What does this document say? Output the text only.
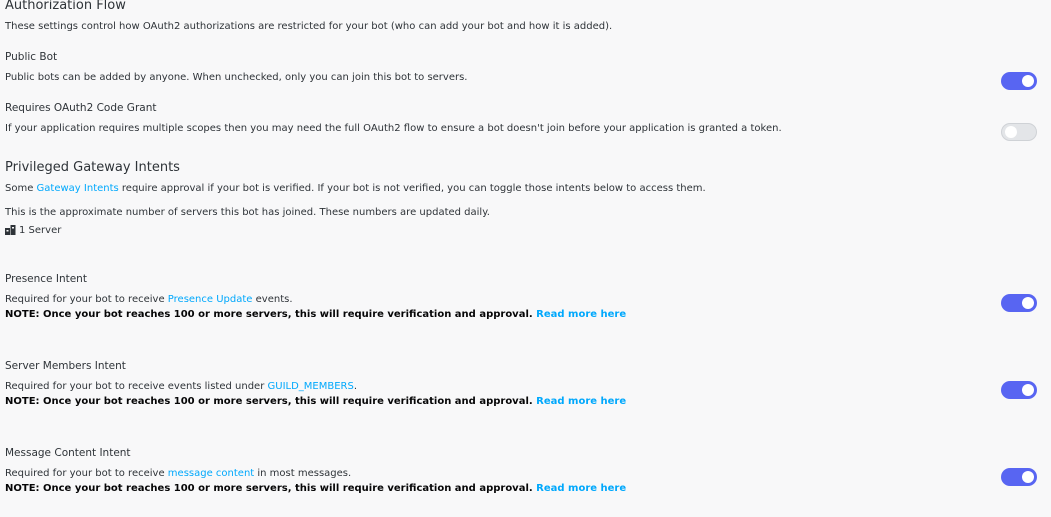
Authorization Flow
These settings control how OAuth2 authorizations are restricted for your bot (who can add your bot and how it is added).
Public Bot
Public bots can be added by anyone. When unchecked, only you can join this bot to servers.
Requires OAuth2 Code Grant
If your application requires multiple scopes then you may need the full OAuth2 flow to ensure a bot doesn't join before your application is granted a token.
Privileged Gateway Intents
Some Gateway Intents require approval if your bot is verified. If your bot is not verified, you can toggle those intents below to access them.
This is the approximate number of servers this bot has joined. These numbers are updated daily.
1 Server
Presence Intent
Required for your bot to receive Presence Update events.
NOTE: Once your bot reaches 100 or more servers, this will require verification and approval. Read more here
Server Members Intent
Required for your bot to receive events listed under GUILD_MEMBERS.
NOTE: Once your bot reaches 100 or more servers, this will require verification and approval. Read more here
Message Content Intent
Required for your bot to receive message content in most messages.
NOTE: Once your bot reaches 100 or more servers, this will require verification and approval. Read more here
